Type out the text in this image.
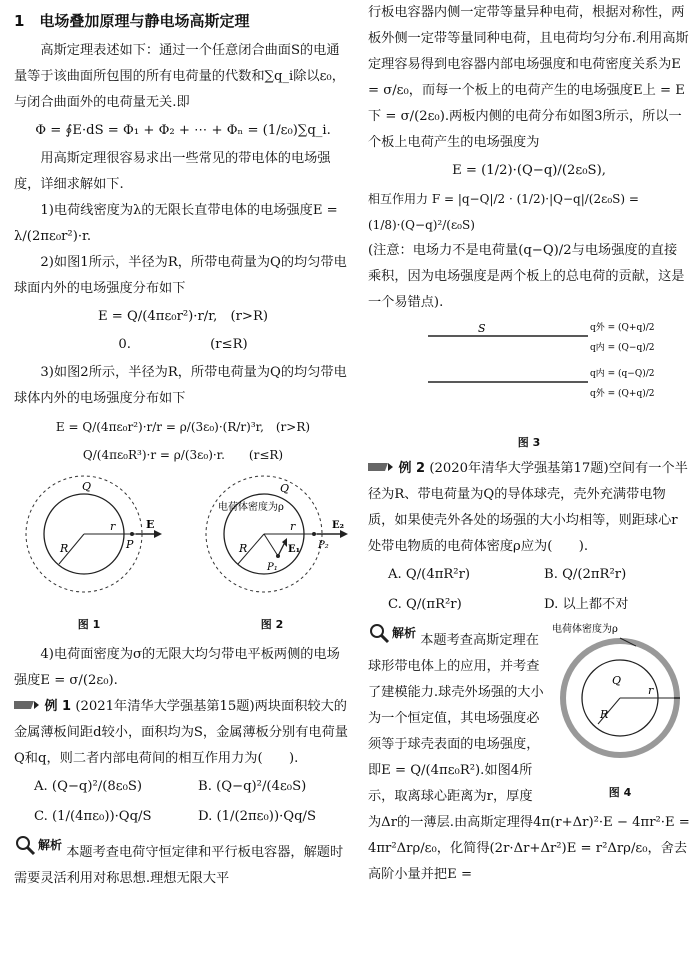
1　电场叠加原理与静电场高斯定理

高斯定理表述如下：通过一个任意闭合曲面S的电通量等于该曲面所包围的所有电荷量的代数和∑q_i除以ε₀，与闭合曲面外的电荷量无关.即

Φ = ∮E·dS = Φ₁ + Φ₂ + ⋯ + Φₙ = (1/ε₀)∑q_i.

用高斯定理很容易求出一些常见的带电体的电场强度，详细求解如下.

1)电荷线密度为λ的无限长直带电体的电场强度E = λ/(2πε₀r²)·r.

2)如图1所示，半径为R，所带电荷量为Q的均匀带电球面内外的电场强度分布如下

E = Q/(4πε₀r²)·r/r,　(r>R)

0.　　　　　　(r≤R)

3)如图2所示，半径为R，所带电荷量为Q的均匀带电球体内外的电场强度分布如下

E = Q/(4πε₀r²)·r/r = ρ/(3ε₀)·(R/r)³r,　(r>R)

Q/(4πε₀R³)·r = ρ/(3ε₀)·r.　　(r≤R)

Q
R
r
P
E
图 1
电荷体密度为ρ
Q
R
r
E₁
P₁
E₂
P₂
图 2

4)电荷面密度为σ的无限大均匀带电平板两侧的电场强度E = σ/(2ε₀).

例 1 (2021年清华大学强基第15题)两块面积较大的金属薄板间距d较小，面积均为S，金属薄板分别有电荷量Q和q，则二者内部电荷间的相互作用力为(　　).

A. (Q−q)²/(8ε₀S)	B. (Q−q)²/(4ε₀S)
C. (1/(4πε₀))·Qq/S	D. (1/(2πε₀))·Qq/S

解析 本题考查电荷守恒定律和平行板电容器，解题时需要灵活利用对称思想.理想无限大平

行板电容器内侧一定带等量异种电荷，根据对称性，两板外侧一定带等量同种电荷，且电荷均匀分布.利用高斯定理容易得到电容器内部电场强度和电荷密度关系为E = σ/ε₀，而每一个板上的电荷产生的电场强度E上 = E下 = σ/(2ε₀).两板内侧的电荷分布如图3所示，所以一个板上电荷产生的电场强度为

E = (1/2)·(Q−q)/(2ε₀S),

相互作用力 F = |q−Q|/2 · (1/2)·|Q−q|/(2ε₀S) = (1/8)·(Q−q)²/(ε₀S)

(注意：电场力不是电荷量(q−Q)/2与电场强度的直接乘积，因为电场强度是两个板上的总电荷的贡献，这是一个易错点).

S	q外 = (Q+q)/2
q内 = (Q−q)/2
q内 = (q−Q)/2
q外 = (Q+q)/2
图 3

例 2 (2020年清华大学强基第17题)空间有一个半径为R、带电荷量为Q的导体球壳，壳外充满带电物质，如果使壳外各处的场强的大小均相等，则距球心r处带电物质的电荷体密度ρ应为(　　).

A. Q/(4πR²r)	B. Q/(2πR²r)
C. Q/(πR²r)	D. 以上都不对
电荷体密度为ρ
Q
R
r
图 4

解析 本题考查高斯定理在球形带电体上的应用，并考查了建模能力.球壳外场强的大小为一个恒定值，其电场强度必须等于球壳表面的电场强度，即E = Q/(4πε₀R²).如图4所示，取离球心距离为r，厚度为Δr的一薄层.由高斯定理得4π(r+Δr)²·E − 4πr²·E = 4πr²Δrρ/ε₀，化简得(2r·Δr+Δr²)E = r²Δrρ/ε₀，舍去高阶小量并把E =
